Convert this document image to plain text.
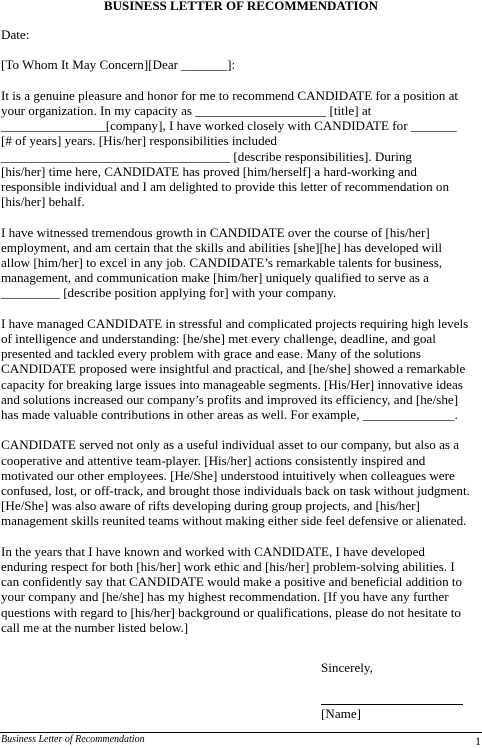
BUSINESS LETTER OF RECOMMENDATION

Date:

[To Whom It May Concern][Dear _______]:

It is a genuine pleasure and honor for me to recommend CANDIDATE for a position at
your organization. In my capacity as ____________________ [title] at
________________[company], I have worked closely with CANDIDATE for _______
[# of years] years. [His/her] responsibilities included
___________________________________ [describe responsibilities]. During
[his/her] time here, CANDIDATE has proved [him/herself] a hard-working and
responsible individual and I am delighted to provide this letter of recommendation on
[his/her] behalf.

I have witnessed tremendous growth in CANDIDATE over the course of [his/her]
employment, and am certain that the skills and abilities [she][he] has developed will
allow [him/her] to excel in any job. CANDIDATE’s remarkable talents for business,
management, and communication make [him/her] uniquely qualified to serve as a
_________ [describe position applying for] with your company.

I have managed CANDIDATE in stressful and complicated projects requiring high levels
of intelligence and understanding: [he/she] met every challenge, deadline, and goal
presented and tackled every problem with grace and ease. Many of the solutions
CANDIDATE proposed were insightful and practical, and [he/she] showed a remarkable
capacity for breaking large issues into manageable segments. [His/Her] innovative ideas
and solutions increased our company’s profits and improved its efficiency, and [he/she]
has made valuable contributions in other areas as well. For example, ______________.

CANDIDATE served not only as a useful individual asset to our company, but also as a
cooperative and attentive team-player. [His/her] actions consistently inspired and
motivated our other employees. [He/She] understood intuitively when colleagues were
confused, lost, or off-track, and brought those individuals back on task without judgment.
[He/She] was also aware of rifts developing during group projects, and [his/her]
management skills reunited teams without making either side feel defensive or alienated.

In the years that I have known and worked with CANDIDATE, I have developed
enduring respect for both [his/her] work ethic and [his/her] problem-solving abilities. I
can confidently say that CANDIDATE would make a positive and beneficial addition to
your company and [he/she] has my highest recommendation. [If you have any further
questions with regard to [his/her] background or qualifications, please do not hesitate to
call me at the number listed below.]

Sincerely,
[Name]
Business Letter of Recommendation	1
